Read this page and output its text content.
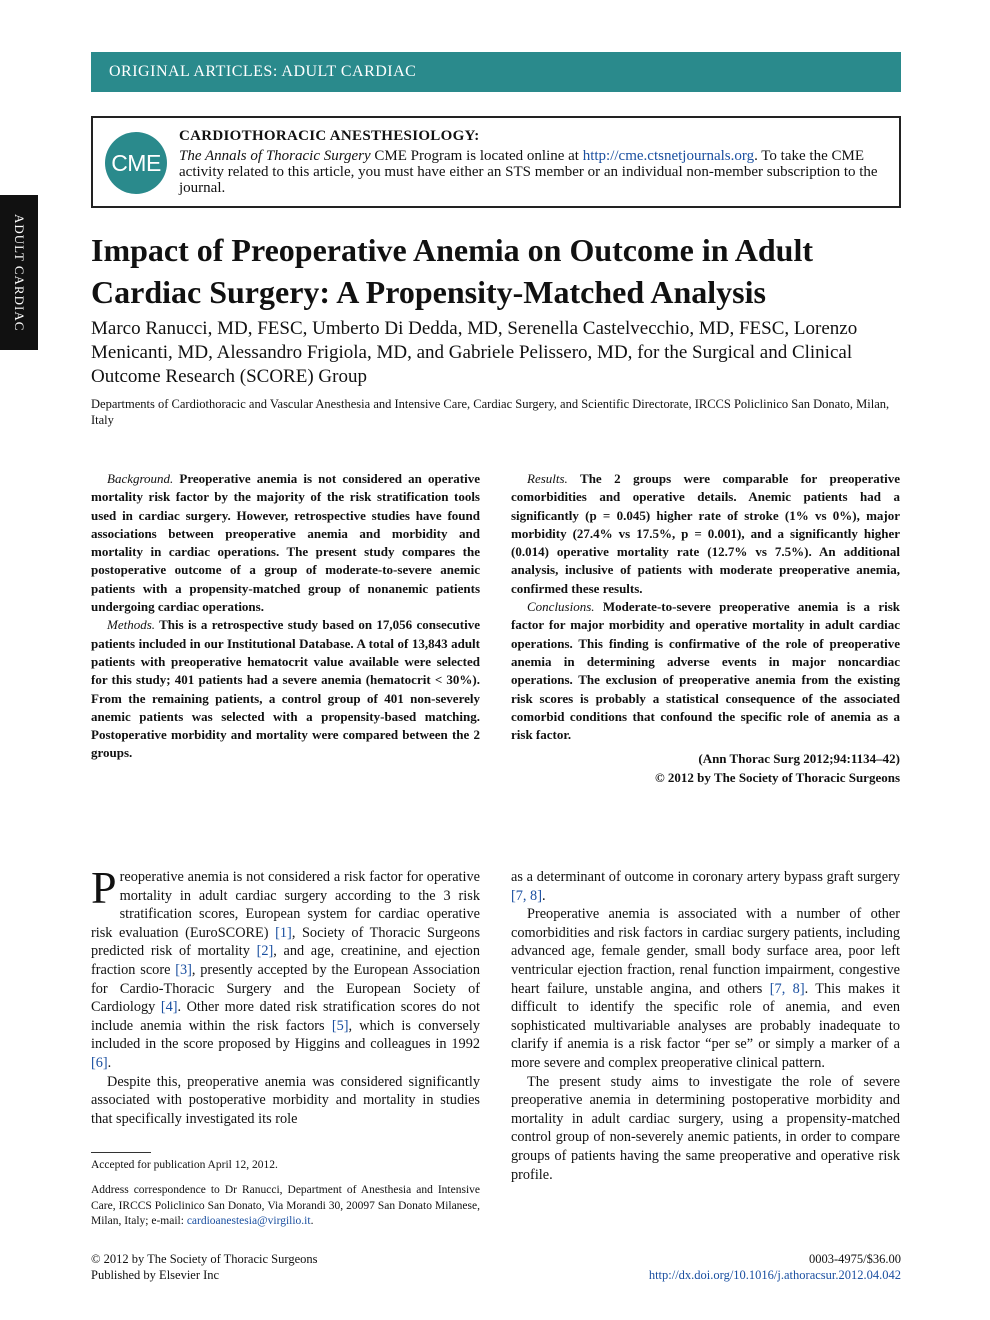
ORIGINAL ARTICLES: ADULT CARDIAC
ADULT CARDIAC
CME
CARDIOTHORACIC ANESTHESIOLOGY:
The Annals of Thoracic Surgery CME Program is located online at http://cme.ctsnetjournals.org. To take the CME activity related to this article, you must have either an STS member or an individual non-member subscription to the journal.
Impact of Preoperative Anemia on Outcome in Adult Cardiac Surgery: A Propensity-Matched Analysis
Marco Ranucci, MD, FESC, Umberto Di Dedda, MD, Serenella Castelvecchio, MD, FESC, Lorenzo Menicanti, MD, Alessandro Frigiola, MD, and Gabriele Pelissero, MD, for the Surgical and Clinical Outcome Research (SCORE) Group
Departments of Cardiothoracic and Vascular Anesthesia and Intensive Care, Cardiac Surgery, and Scientific Directorate, IRCCS Policlinico San Donato, Milan, Italy

Background. Preoperative anemia is not considered an operative mortality risk factor by the majority of the risk stratification tools used in cardiac surgery. However, retrospective studies have found associations between preoperative anemia and morbidity and mortality in cardiac operations. The present study compares the postoperative outcome of a group of moderate-to-severe anemic patients with a propensity-matched group of nonanemic patients undergoing cardiac operations.

Methods. This is a retrospective study based on 17,056 consecutive patients included in our Institutional Database. A total of 13,843 adult patients with preoperative hematocrit value available were selected for this study; 401 patients had a severe anemia (hematocrit < 30%). From the remaining patients, a control group of 401 non-severely anemic patients was selected with a propensity-based matching. Postoperative morbidity and mortality were compared between the 2 groups.

Results. The 2 groups were comparable for preoperative comorbidities and operative details. Anemic patients had a significantly (p = 0.045) higher rate of stroke (1% vs 0%), major morbidity (27.4% vs 17.5%, p = 0.001), and a significantly higher (0.014) operative mortality rate (12.7% vs 7.5%). An additional analysis, inclusive of patients with moderate preoperative anemia, confirmed these results.

Conclusions. Moderate-to-severe preoperative anemia is a risk factor for major morbidity and operative mortality in adult cardiac operations. This finding is confirmative of the role of preoperative anemia in determining adverse events in major noncardiac operations. The exclusion of preoperative anemia from the existing risk scores is probably a statistical consequence of the associated comorbid conditions that confound the specific role of anemia as a risk factor.

(Ann Thorac Surg 2012;94:1134–42)
© 2012 by The Society of Thoracic Surgeons

Preoperative anemia is not considered a risk factor for operative mortality in adult cardiac surgery according to the 3 risk stratification scores, European system for cardiac operative risk evaluation (EuroSCORE) [1], Society of Thoracic Surgeons predicted risk of mortality [2], and age, creatinine, and ejection fraction score [3], presently accepted by the European Association for Cardio-Thoracic Surgery and the European Society of Cardiology [4]. Other more dated risk stratification scores do not include anemia within the risk factors [5], which is conversely included in the score proposed by Higgins and colleagues in 1992 [6].

Despite this, preoperative anemia was considered significantly associated with postoperative morbidity and mortality in studies that specifically investigated its role

as a determinant of outcome in coronary artery bypass graft surgery [7, 8].

Preoperative anemia is associated with a number of other comorbidities and risk factors in cardiac surgery patients, including advanced age, female gender, small body surface area, poor left ventricular ejection fraction, renal function impairment, congestive heart failure, unstable angina, and others [7, 8]. This makes it difficult to identify the specific role of anemia, and even sophisticated multivariable analyses are probably inadequate to clarify if anemia is a risk factor “per se” or simply a marker of a more severe and complex preoperative clinical pattern.

The present study aims to investigate the role of severe preoperative anemia in determining postoperative morbidity and mortality in adult cardiac surgery, using a propensity-matched control group of non-severely anemic patients, in order to compare groups of patients having the same preoperative and operative risk profile.

Accepted for publication April 12, 2012.
Address correspondence to Dr Ranucci, Department of Anesthesia and Intensive Care, IRCCS Policlinico San Donato, Via Morandi 30, 20097 San Donato Milanese, Milan, Italy; e-mail: cardioanestesia@virgilio.it.
© 2012 by The Society of Thoracic Surgeons
Published by Elsevier Inc
0003-4975/$36.00
http://dx.doi.org/10.1016/j.athoracsur.2012.04.042
